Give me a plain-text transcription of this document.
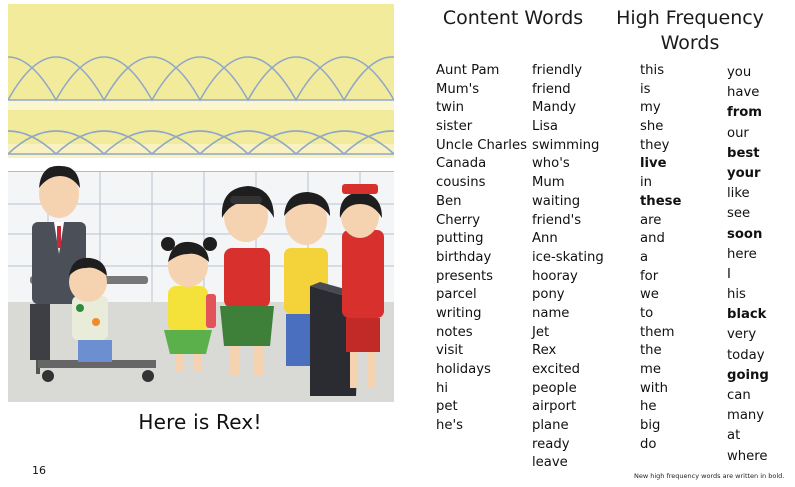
Here is Rex!
16
Content Words High Frequency
Words
Aunt Pam
Mum's
twin
sister
Uncle Charles
Canada
cousins
Ben
Cherry
putting
birthday
presents
parcel
writing
notes
visit
holidays
hi
pet
he's
friendly
friend
Mandy
Lisa
swimming
who's
Mum
waiting
friend's
Ann
ice-skating
hooray
pony
name
Jet
Rex
excited
people
airport
plane
ready
leave
this
is
my
she
they
live
in
these
are
and
a
for
we
to
them
the
me
with
he
big
do
you
have
from
our
best
your
like
see
soon
here
I
his
black
very
today
going
can
many
at
where
New high frequency words are written in bold.
